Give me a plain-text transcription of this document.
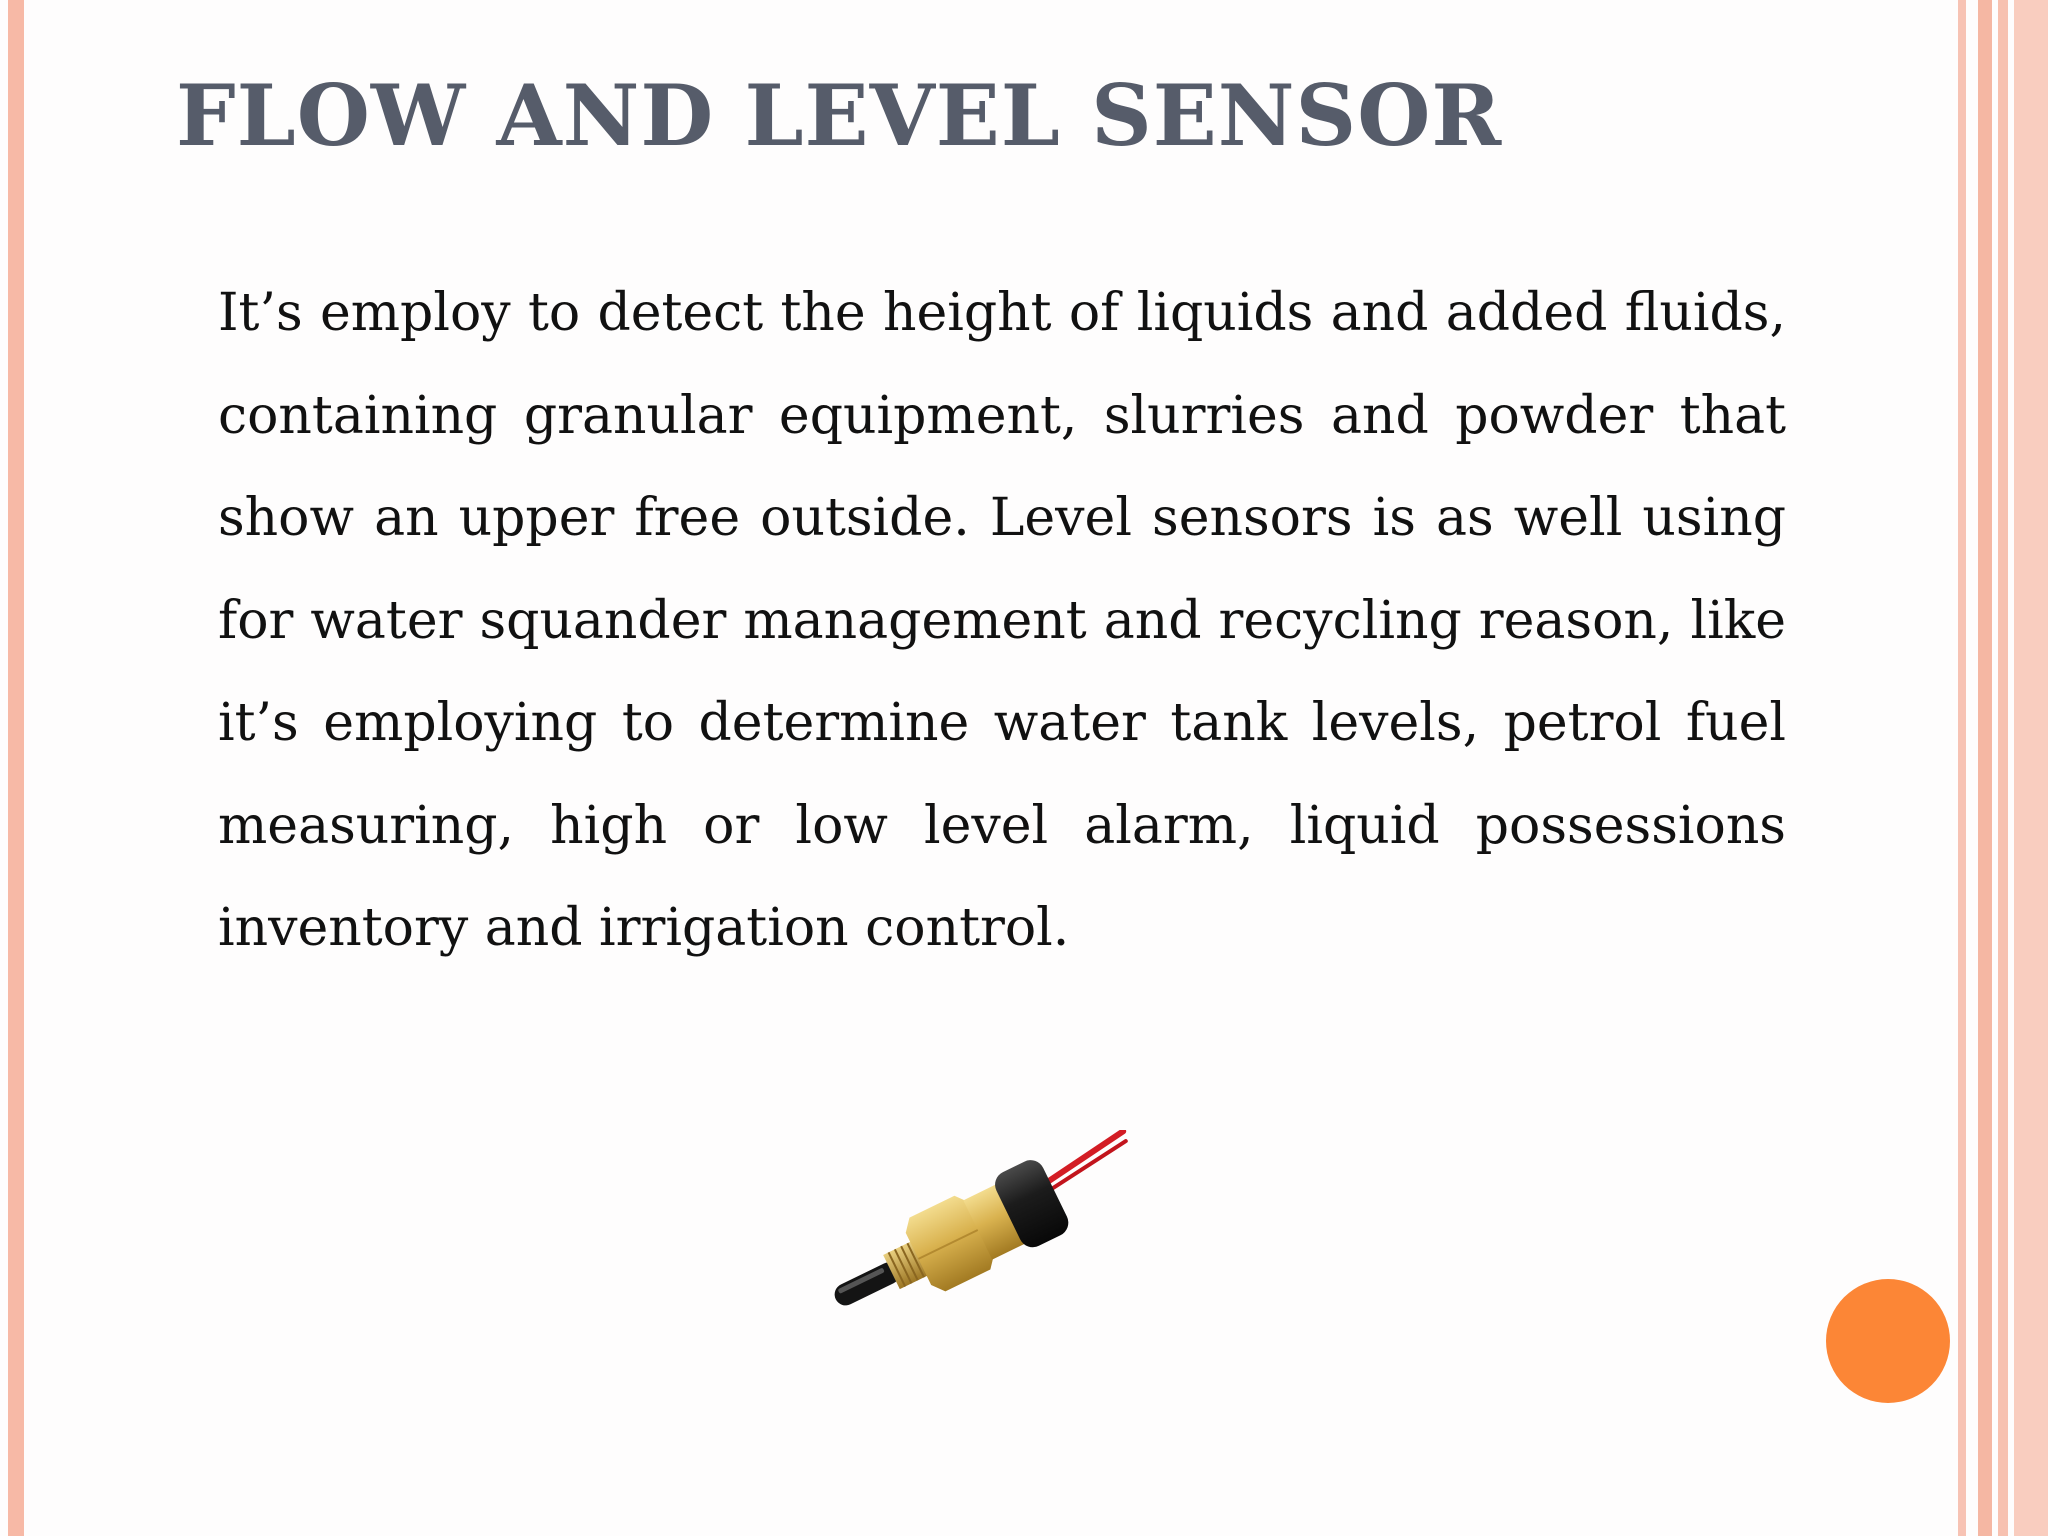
FLOW AND LEVEL SENSOR

It’s employ to detect the height of liquids and added fluids, containing granular equipment, slurries and powder that show an upper free outside. Level sensors is as well using for water squander management and recycling reason, like it’s employing to determine water tank levels, petrol fuel measuring, high or low level alarm, liquid possessions inventory and irrigation control.
